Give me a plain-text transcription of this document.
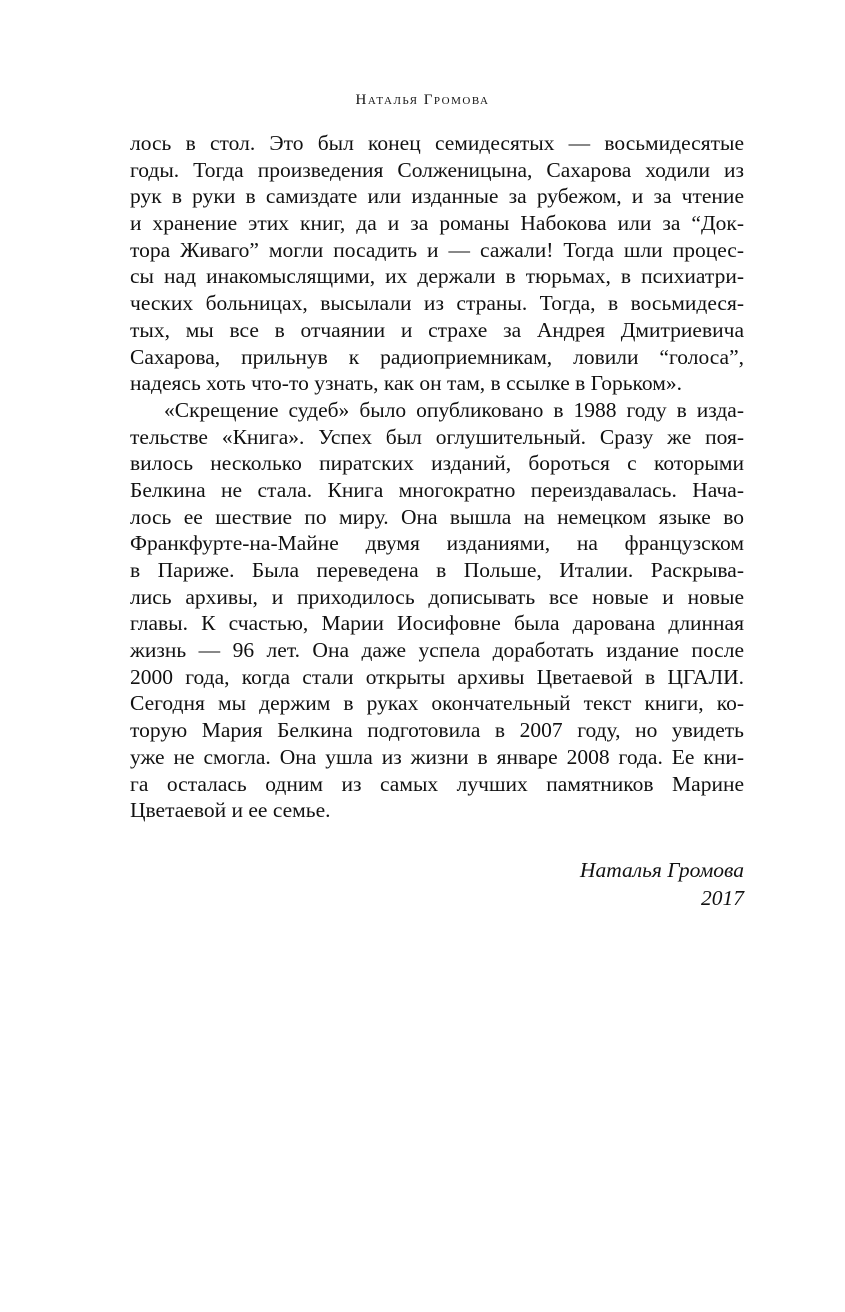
Наталья Громова
лось в стол. Это был конец семидесятых — восьмидесятые
годы. Тогда произведения Солженицына, Сахарова ходили из
рук в руки в самиздате или изданные за рубежом, и за чтение
и хранение этих книг, да и за романы Набокова или за “Док-
тора Живаго” могли посадить и — сажали! Тогда шли процес-
сы над инакомыслящими, их держали в тюрьмах, в психиатри-
ческих больницах, высылали из страны. Тогда, в восьмидеся-
тых, мы все в отчаянии и страхе за Андрея Дмитриевича
Сахарова, прильнув к радиоприемникам, ловили “голоса”,
надеясь хоть что-то узнать, как он там, в ссылке в Горьком».
«Скрещение судеб» было опубликовано в 1988 году в изда-
тельстве «Книга». Успех был оглушительный. Сразу же поя-
вилось несколько пиратских изданий, бороться с которыми
Белкина не стала. Книга многократно переиздавалась. Нача-
лось ее шествие по миру. Она вышла на немецком языке во
Франкфурте-на-Майне двумя изданиями, на французском
в Париже. Была переведена в Польше, Италии. Раскрыва-
лись архивы, и приходилось дописывать все новые и новые
главы. К счастью, Марии Иосифовне была дарована длинная
жизнь — 96 лет. Она даже успела доработать издание после
2000 года, когда стали открыты архивы Цветаевой в ЦГАЛИ.
Сегодня мы держим в руках окончательный текст книги, ко-
торую Мария Белкина подготовила в 2007 году, но увидеть
уже не смогла. Она ушла из жизни в январе 2008 года. Ее кни-
га осталась одним из самых лучших памятников Марине
Цветаевой и ее семье.
Наталья Громова
2017
